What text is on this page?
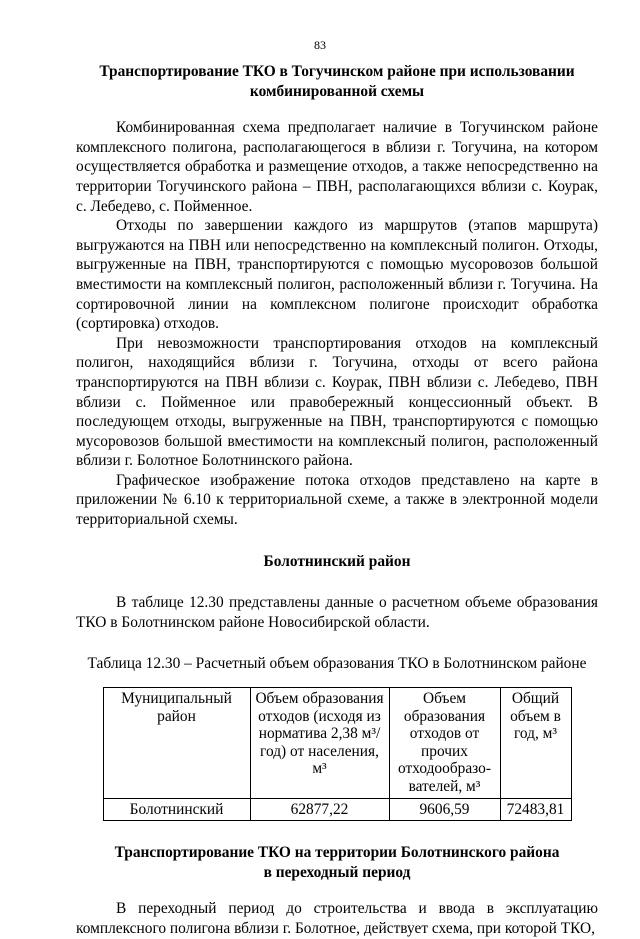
83
Транспортирование ТКО в Тогучинском районе при использовании
комбинированной схемы

Комбинированная схема предполагает наличие в Тогучинском районе комплексного полигона, располагающегося в вблизи г. Тогучина, на котором осуществляется обработка и размещение отходов, а также непосредственно на территории Тогучинского района – ПВН, располагающихся вблизи с. Коурак, с. Лебедево, с. Пойменное.

Отходы по завершении каждого из маршрутов (этапов маршрута) выгружаются на ПВН или непосредственно на комплексный полигон. Отходы, выгруженные на ПВН, транспортируются с помощью мусоровозов большой вместимости на комплексный полигон, расположенный вблизи г. Тогучина. На сортировочной линии на комплексном полигоне происходит обработка (сортировка) отходов.

При невозможности транспортирования отходов на комплексный полигон, находящийся вблизи г. Тогучина, отходы от всего района транспортируются на ПВН вблизи с. Коурак, ПВН вблизи с. Лебедево, ПВН вблизи с. Пойменное или правобережный концессионный объект. В последующем отходы, выгруженные на ПВН, транспортируются с помощью мусоровозов большой вместимости на комплексный полигон, расположенный вблизи г. Болотное Болотнинского района.

Графическое изображение потока отходов представлено на карте в приложении № 6.10 к территориальной схеме, а также в электронной модели территориальной схемы.

Болотнинский район

В таблице 12.30 представлены данные о расчетном объеме образования ТКО в Болотнинском районе Новосибирской области.

Таблица 12.30 – Расчетный объем образования ТКО в Болотнинском районе
Муниципальный район	Объем образования отходов (исходя из норматива 2,38 м³/год) от населения, м³	Объем образования отходов от прочих отходообразо-вателей, м³	Общий объем в год, м³
Болотнинский	62877,22	9606,59	72483,81
Транспортирование ТКО на территории Болотнинского района
в переходный период

В переходный период до строительства и ввода в эксплуатацию комплексного полигона вблизи г. Болотное, действует схема, при которой ТКО,
